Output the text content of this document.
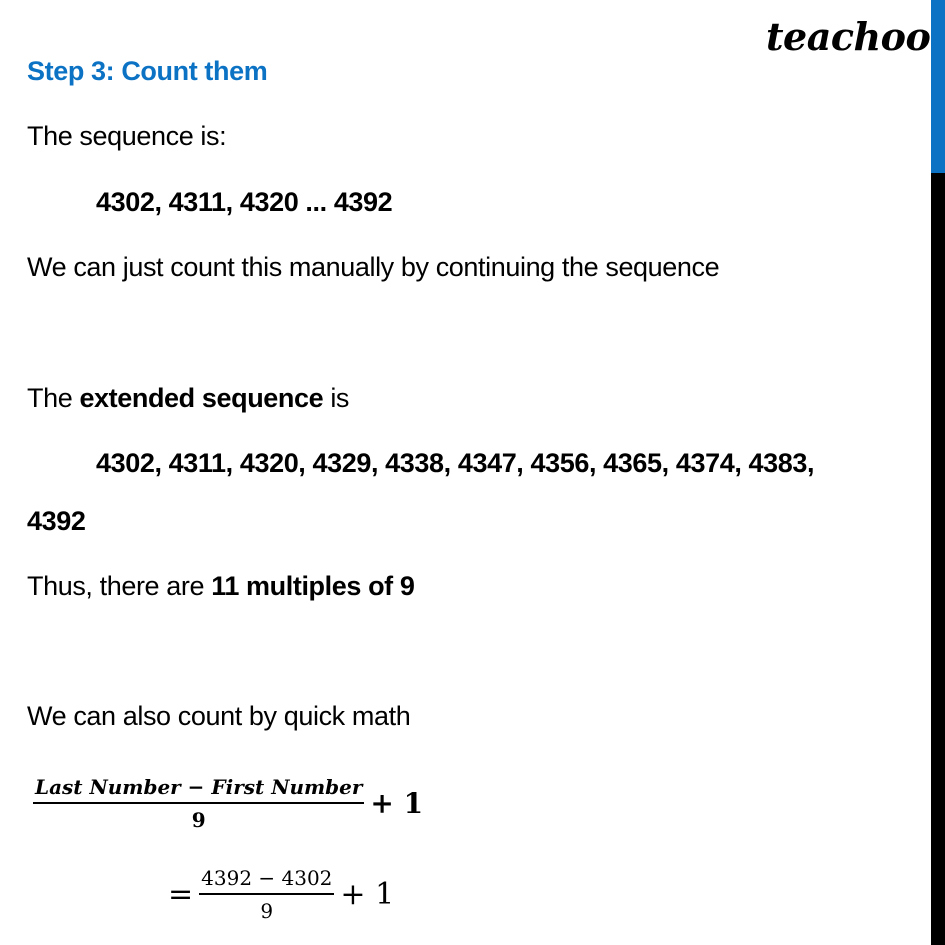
teachoo
Step 3: Count them
The sequence is:
4302, 4311, 4320 ... 4392
We can just count this manually by continuing the sequence
The extended sequence is
4302, 4311, 4320, 4329, 4338, 4347, 4356, 4365, 4374, 4383,
4392
Thus, there are 11 multiples of 9
We can also count by quick math
$\frac{\text{Last Number − First Number}}{9} + 1$
= $\frac{4392 - 4302}{9} + 1$
